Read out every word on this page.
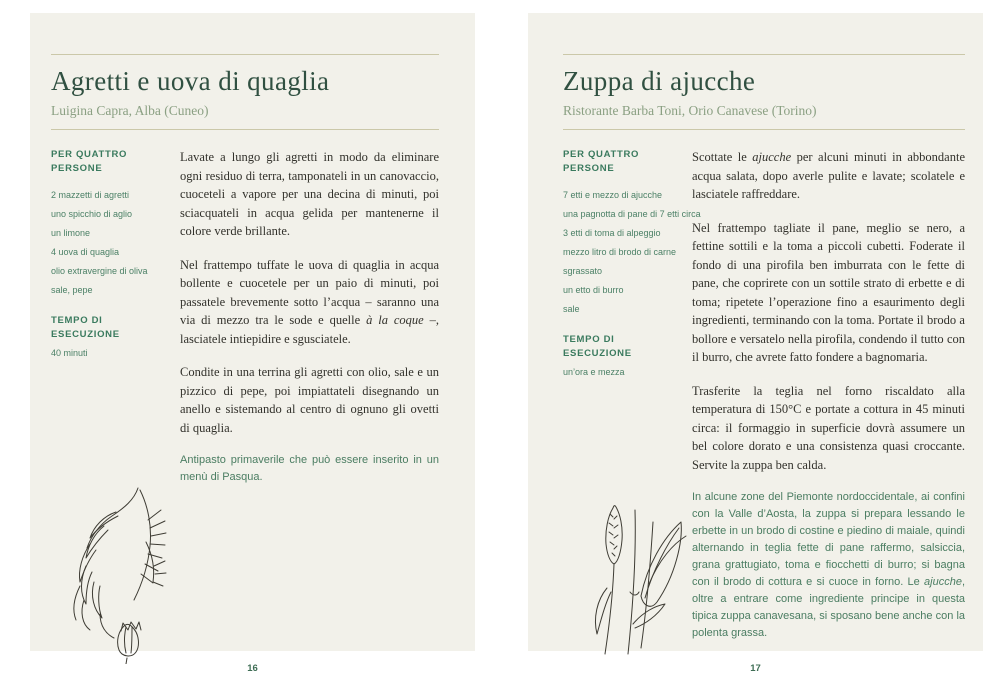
Agretti e uova di quaglia
Luigina Capra, Alba (Cuneo)
PER QUATTRO PERSONE
2 mazzetti di agretti
uno spicchio di aglio
un limone
4 uova di quaglia
olio extravergine di oliva
sale, pepe
TEMPO DI ESECUZIONE
40 minuti

Lavate a lungo gli agretti in modo da eliminare ogni residuo di terra, tamponateli in un canovaccio, cuoceteli a vapore per una decina di minuti, poi sciacquateli in acqua gelida per mantenerne il colore verde brillante.

Nel frattempo tuffate le uova di quaglia in acqua bollente e cuocetele per un paio di minuti, poi passatele brevemente sotto l’acqua – saranno una via di mezzo tra le sode e quelle à la coque –, lasciatele intiepidire e sgusciatele.

Condite in una terrina gli agretti con olio, sale e un pizzico di pepe, poi impiattateli disegnando un anello e sistemando al centro di ognuno gli ovetti di quaglia.

Antipasto primaverile che può essere inserito in un menù di Pasqua.

16
Zuppa di ajucche
Ristorante Barba Toni, Orio Canavese (Torino)
PER QUATTRO PERSONE
7 etti e mezzo di ajucche
una pagnotta di pane di 7 etti circa
3 etti di toma di alpeggio
mezzo litro di brodo di carne
sgrassato
un etto di burro
sale
TEMPO DI ESECUZIONE
un’ora e mezza

Scottate le ajucche per alcuni minuti in abbondante acqua salata, dopo averle pulite e lavate; scolatele e lasciatele raffreddare.

Nel frattempo tagliate il pane, meglio se nero, a fettine sottili e la toma a piccoli cubetti. Foderate il fondo di una pirofila ben imburrata con le fette di pane, che coprirete con un sottile strato di erbette e di toma; ripetete l’operazione fino a esaurimento degli ingredienti, terminando con la toma. Portate il brodo a bollore e versatelo nella pirofila, condendo il tutto con il burro, che avrete fatto fondere a bagnomaria.

Trasferite la teglia nel forno riscaldato alla temperatura di 150°C e portate a cottura in 45 minuti circa: il formaggio in superficie dovrà assumere un bel colore dorato e una consistenza quasi croccante. Servite la zuppa ben calda.

In alcune zone del Piemonte nordoccidentale, ai confini con la Valle d’Aosta, la zuppa si prepara lessando le erbette in un brodo di costine e piedino di maiale, quindi alternando in teglia fette di pane raffermo, salsiccia, grana grattugiato, toma e fiocchetti di burro; si bagna con il brodo di cottura e si cuoce in forno. Le ajucche, oltre a entrare come ingrediente principe in questa tipica zuppa canavesana, si sposano bene anche con la polenta grassa.

17
